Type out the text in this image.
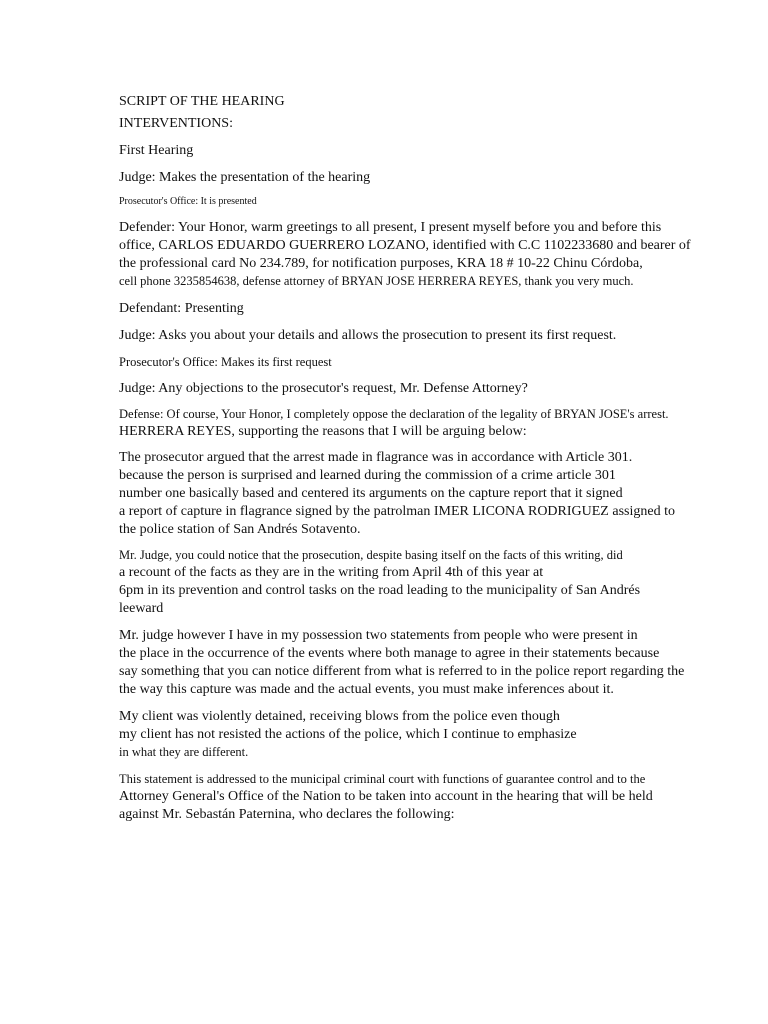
SCRIPT OF THE HEARING
INTERVENTIONS:
First Hearing
Judge: Makes the presentation of the hearing
Prosecutor's Office: It is presented
Defender: Your Honor, warm greetings to all present, I present myself before you and before this
office, CARLOS EDUARDO GUERRERO LOZANO, identified with C.C 1102233680 and bearer of
the professional card No 234.789, for notification purposes, KRA 18 # 10-22 Chinu Córdoba,
cell phone 3235854638, defense attorney of BRYAN JOSE HERRERA REYES, thank you very much.
Defendant: Presenting
Judge: Asks you about your details and allows the prosecution to present its first request.
Prosecutor's Office: Makes its first request
Judge: Any objections to the prosecutor's request, Mr. Defense Attorney?
Defense: Of course, Your Honor, I completely oppose the declaration of the legality of BRYAN JOSE's arrest.
HERRERA REYES, supporting the reasons that I will be arguing below:
The prosecutor argued that the arrest made in flagrance was in accordance with Article 301.
because the person is surprised and learned during the commission of a crime article 301
number one basically based and centered its arguments on the capture report that it signed
a report of capture in flagrance signed by the patrolman IMER LICONA RODRIGUEZ assigned to
the police station of San Andrés Sotavento.
Mr. Judge, you could notice that the prosecution, despite basing itself on the facts of this writing, did
a recount of the facts as they are in the writing from April 4th of this year at
6pm in its prevention and control tasks on the road leading to the municipality of San Andrés
leeward
Mr. judge however I have in my possession two statements from people who were present in
the place in the occurrence of the events where both manage to agree in their statements because
say something that you can notice different from what is referred to in the police report regarding the
the way this capture was made and the actual events, you must make inferences about it.
My client was violently detained, receiving blows from the police even though
my client has not resisted the actions of the police, which I continue to emphasize
in what they are different.
This statement is addressed to the municipal criminal court with functions of guarantee control and to the
Attorney General's Office of the Nation to be taken into account in the hearing that will be held
against Mr. Sebastán Paternina, who declares the following:
